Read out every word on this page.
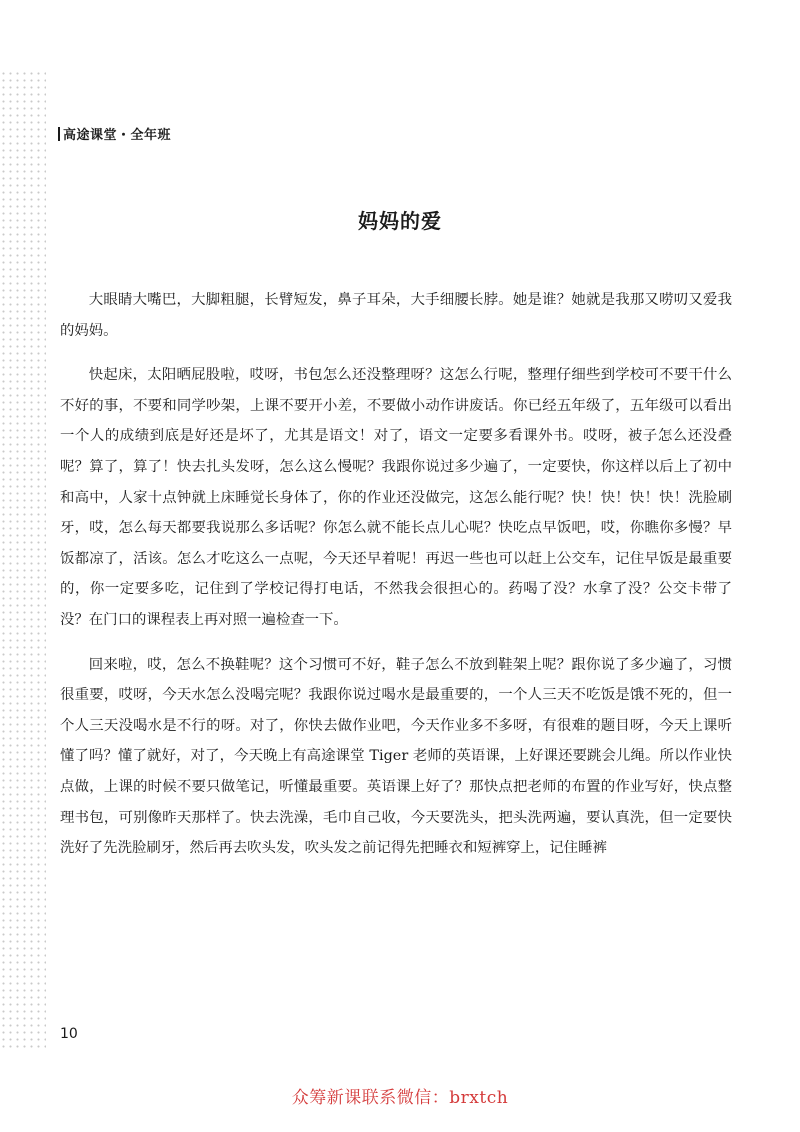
高途课堂・全年班
妈妈的爱

大眼睛大嘴巴，大脚粗腿，长臂短发，鼻子耳朵，大手细腰长脖。她是谁？她就是我那又唠叨又爱我的妈妈。

快起床，太阳晒屁股啦，哎呀，书包怎么还没整理呀？这怎么行呢，整理仔细些到学校可不要干什么不好的事，不要和同学吵架，上课不要开小差，不要做小动作讲废话。你已经五年级了，五年级可以看出一个人的成绩到底是好还是坏了，尤其是语文！对了，语文一定要多看课外书。哎呀，被子怎么还没叠呢？算了，算了！快去扎头发呀，怎么这么慢呢？我跟你说过多少遍了，一定要快，你这样以后上了初中和高中，人家十点钟就上床睡觉长身体了，你的作业还没做完，这怎么能行呢？快！快！快！快！洗脸刷牙，哎，怎么每天都要我说那么多话呢？你怎么就不能长点儿心呢？快吃点早饭吧，哎，你瞧你多慢？早饭都凉了，活该。怎么才吃这么一点呢，今天还早着呢！再迟一些也可以赶上公交车，记住早饭是最重要的，你一定要多吃，记住到了学校记得打电话，不然我会很担心的。药喝了没？水拿了没？公交卡带了没？在门口的课程表上再对照一遍检查一下。

回来啦，哎，怎么不换鞋呢？这个习惯可不好，鞋子怎么不放到鞋架上呢？跟你说了多少遍了，习惯很重要，哎呀，今天水怎么没喝完呢？我跟你说过喝水是最重要的，一个人三天不吃饭是饿不死的，但一个人三天没喝水是不行的呀。对了，你快去做作业吧，今天作业多不多呀，有很难的题目呀，今天上课听懂了吗？懂了就好，对了，今天晚上有高途课堂 Tiger 老师的英语课，上好课还要跳会儿绳。所以作业快点做，上课的时候不要只做笔记，听懂最重要。英语课上好了？那快点把老师的布置的作业写好，快点整理书包，可别像昨天那样了。快去洗澡，毛巾自己收，今天要洗头，把头洗两遍，要认真洗，但一定要快洗好了先洗脸刷牙，然后再去吹头发，吹头发之前记得先把睡衣和短裤穿上，记住睡裤

10
众筹新课联系微信：brxtch
